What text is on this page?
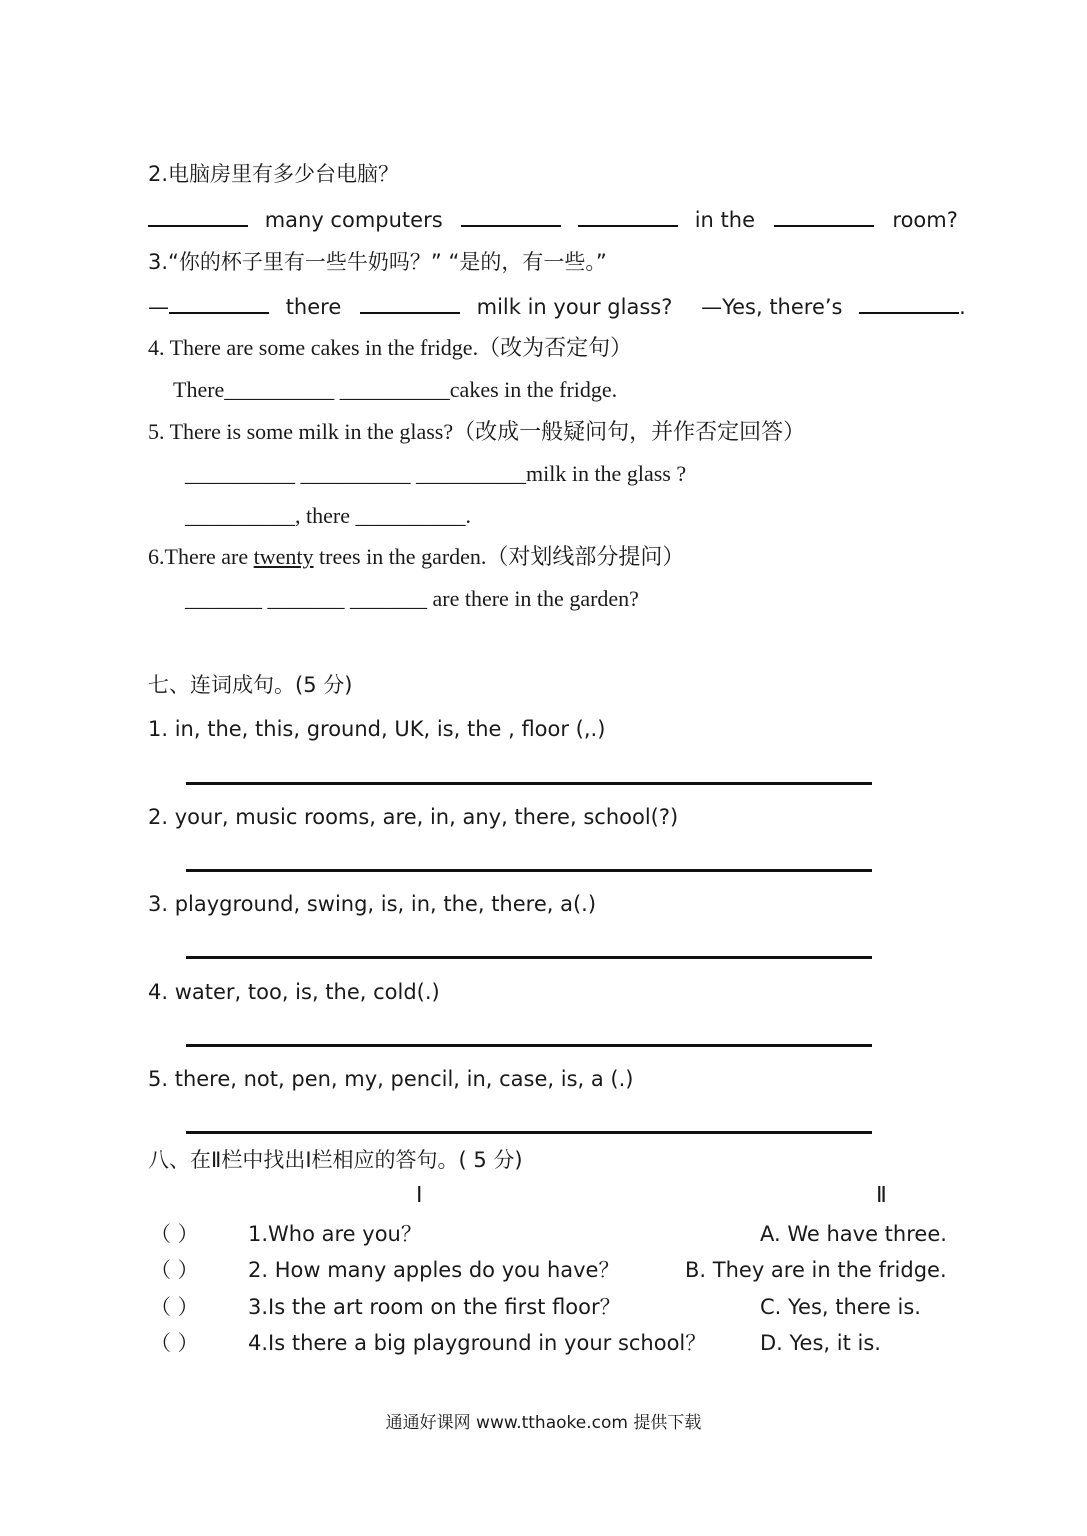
2.电脑房里有多少台电脑？
many computers	in the	room?
3.“你的杯子里有一些牛奶吗？” “是的，有一些。”
—	there	milk in your glass? —Yes, there’s	.
4. There are some cakes in the fridge.（改为否定句）
There__________ __________cakes in the fridge.
5. There is some milk in the glass?（改成一般疑问句，并作否定回答）
__________ __________ __________milk in the glass ?
__________, there __________.
6.There are twenty trees in the garden.（对划线部分提问）
_______ _______ _______ are there in the garden?
七、连词成句。(5 分)
1. in, the, this, ground, UK, is, the , floor (,.)
2. your, music rooms, are, in, any, there, school(?)
3. playground, swing, is, in, the, there, a(.)
4. water, too, is, the, cold(.)
5. there, not, pen, my, pencil, in, case, is, a (.)
八、在Ⅱ栏中找出Ⅰ栏相应的答句。( 5 分)
Ⅰ	Ⅱ
（ ） 1.Who are you？	A. We have three.
（ ） 2. How many apples do you have？	B. They are in the fridge.
（ ） 3.Is the art room on the first floor？	C. Yes, there is.
（ ） 4.Is there a big playground in your school？	D. Yes, it is.
通通好课网 www.tthaoke.com 提供下载
